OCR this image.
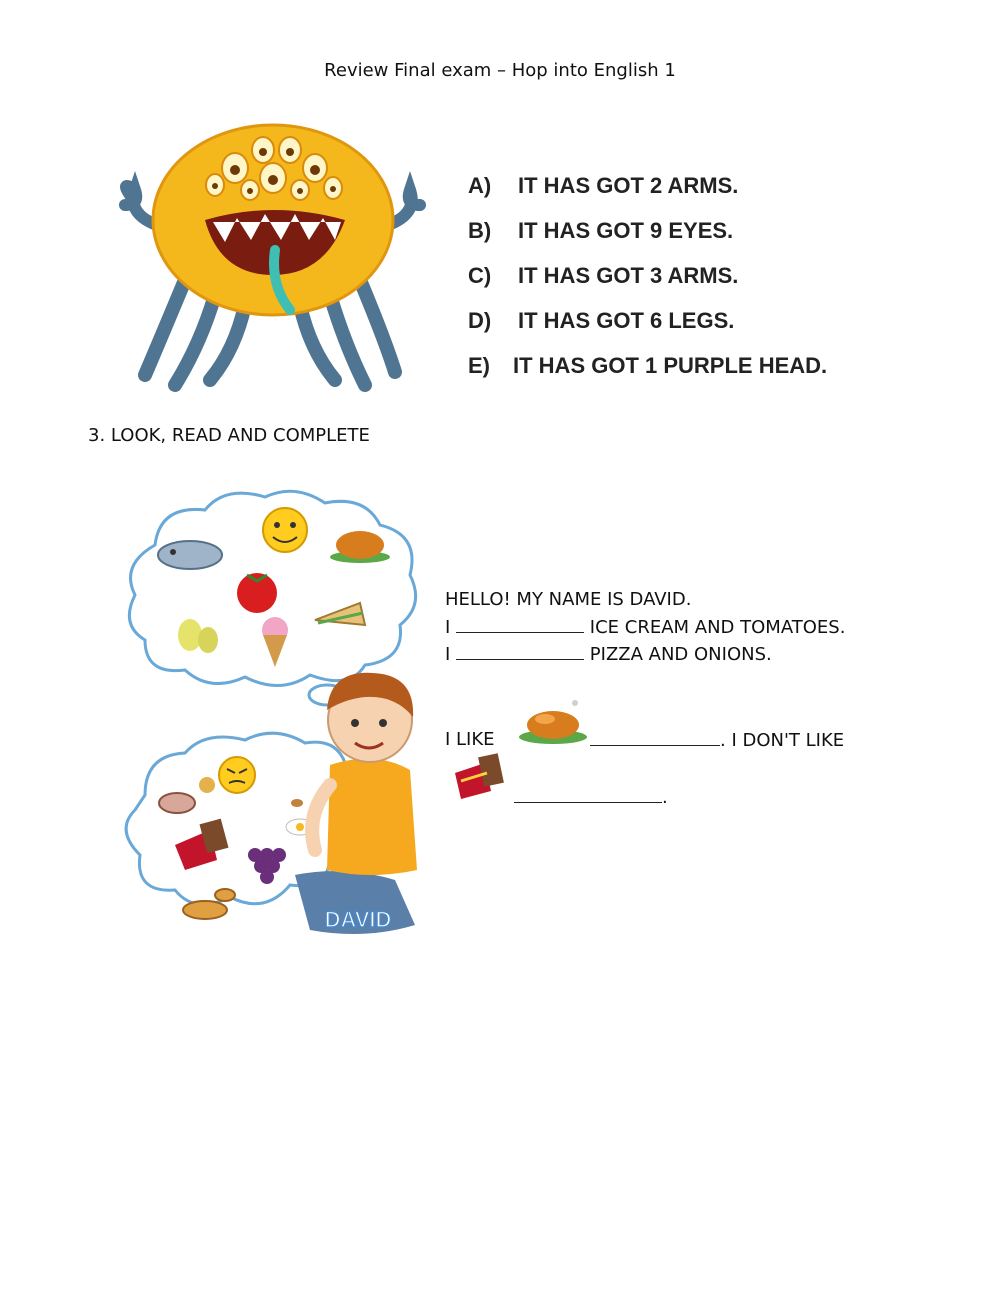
Review Final exam – Hop into English 1
A) IT HAS GOT 2 ARMS.
B) IT HAS GOT 9 EYES.
C) IT HAS GOT 3 ARMS.
D) IT HAS GOT 6 LEGS.
E) IT HAS GOT 1 PURPLE HEAD.
3. LOOK, READ AND COMPLETE
DAVID
HELLO! MY NAME IS DAVID.
I	ICE CREAM AND TOMATOES.
I	PIZZA AND ONIONS.
I LIKE	. I DON'T LIKE
.
